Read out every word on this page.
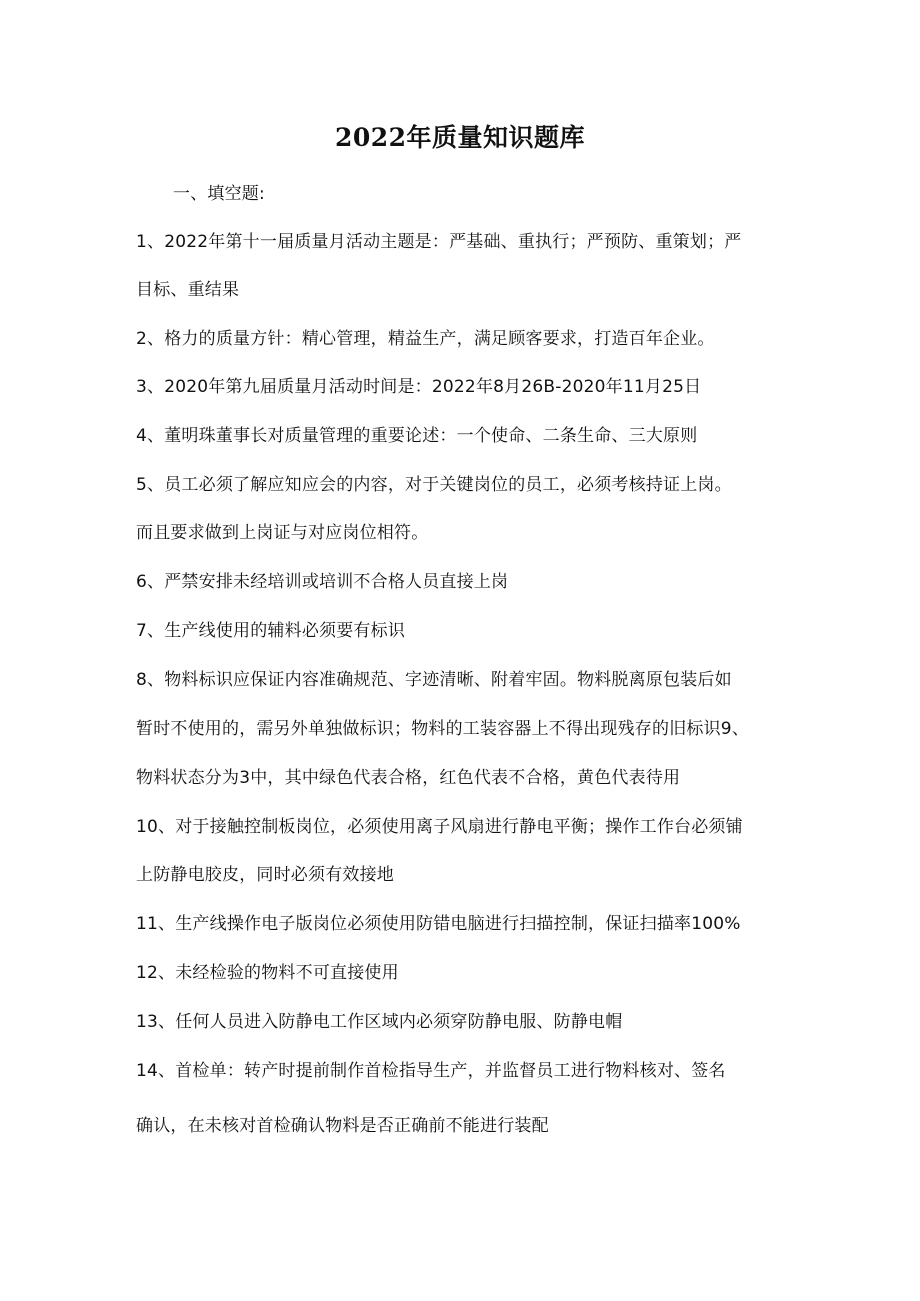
2022年质量知识题库
一、填空题:
1、2022年第十一届质量月活动主题是：严基础、重执行；严预防、重策划；严
目标、重结果
2、格力的质量方针：精心管理，精益生产，满足顾客要求，打造百年企业。
3、2020年第九届质量月活动时间是：2022年8月26B-2020年11月25日
4、董明珠董事长对质量管理的重要论述：一个使命、二条生命、三大原则
5、员工必须了解应知应会的内容，对于关键岗位的员工，必须考核持证上岗。
而且要求做到上岗证与对应岗位相符。
6、严禁安排未经培训或培训不合格人员直接上岗
7、生产线使用的辅料必须要有标识
8、物料标识应保证内容准确规范、字迹清晰、附着牢固。物料脱离原包装后如
暂时不使用的，需另外单独做标识；物料的工装容器上不得出现残存的旧标识9、
物料状态分为3中，其中绿色代表合格，红色代表不合格，黄色代表待用
10、对于接触控制板岗位，必须使用离子风扇进行静电平衡；操作工作台必须铺
上防静电胶皮，同时必须有效接地
11、生产线操作电子版岗位必须使用防错电脑进行扫描控制，保证扫描率100%
12、未经检验的物料不可直接使用
13、任何人员进入防静电工作区域内必须穿防静电服、防静电帽
14、首检单：转产时提前制作首检指导生产，并监督员工进行物料核对、签名
确认，在未核对首检确认物料是否正确前不能进行装配
